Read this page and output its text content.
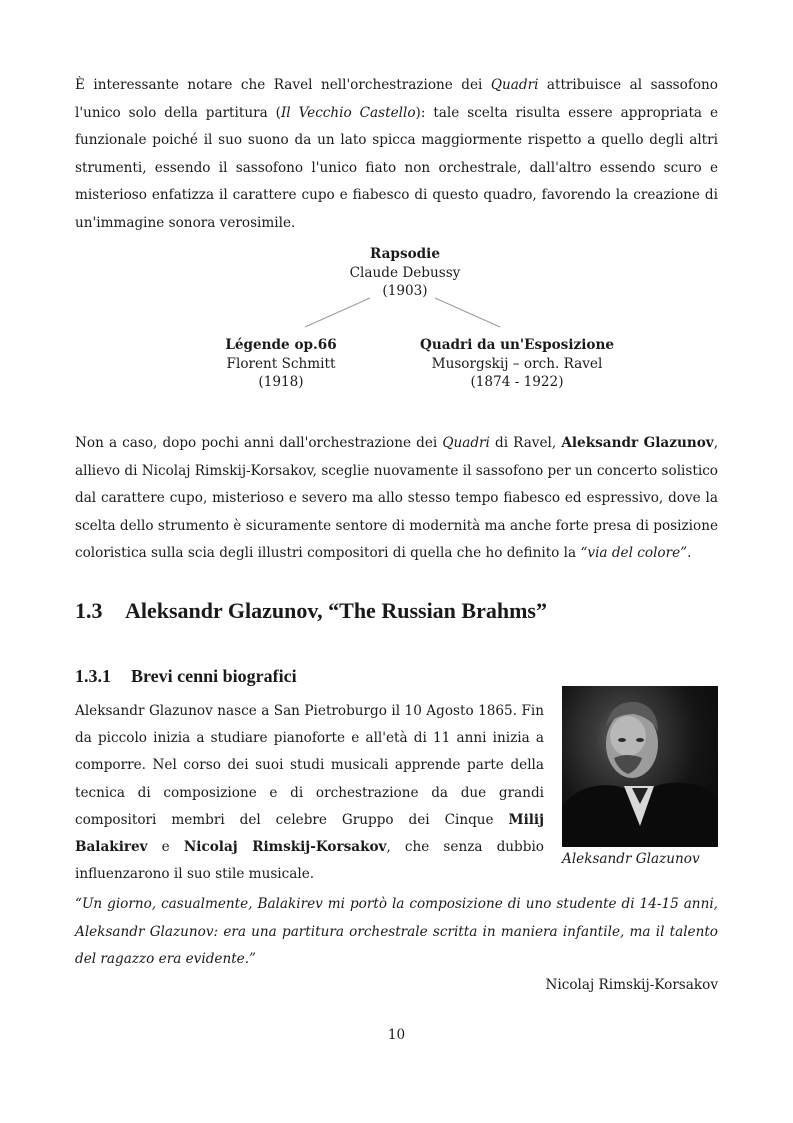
È interessante notare che Ravel nell'orchestrazione dei Quadri attribuisce al sassofono l'unico solo della partitura (Il Vecchio Castello): tale scelta risulta essere appropriata e funzionale poiché il suo suono da un lato spicca maggiormente rispetto a quello degli altri strumenti, essendo il sassofono l'unico fiato non orchestrale, dall'altro essendo scuro e misterioso enfatizza il carattere cupo e fiabesco di questo quadro, favorendo la creazione di un'immagine sonora verosimile.

Rapsodie
Claude Debussy
(1903)
Légende op.66
Florent Schmitt
(1918)
Quadri da un'Esposizione
Musorgskij – orch. Ravel
(1874 - 1922)

Non a caso, dopo pochi anni dall'orchestrazione dei Quadri di Ravel, Aleksandr Glazunov, allievo di Nicolaj Rimskij-Korsakov, sceglie nuovamente il sassofono per un concerto solistico dal carattere cupo, misterioso e severo ma allo stesso tempo fiabesco ed espressivo, dove la scelta dello strumento è sicuramente sentore di modernità ma anche forte presa di posizione coloristica sulla scia degli illustri compositori di quella che ho definito la “via del colore”.

1.3 Aleksandr Glazunov, “The Russian Brahms”
1.3.1 Brevi cenni biografici

Aleksandr Glazunov nasce a San Pietroburgo il 10 Agosto 1865. Fin da piccolo inizia a studiare pianoforte e all'età di 11 anni inizia a comporre. Nel corso dei suoi studi musicali apprende parte della tecnica di composizione e di orchestrazione da due grandi compositori membri del celebre Gruppo dei Cinque Milij Balakirev e Nicolaj Rimskij-Korsakov, che senza dubbio influenzarono il suo stile musicale.

Aleksandr Glazunov

“Un giorno, casualmente, Balakirev mi portò la composizione di uno studente di 14-15 anni, Aleksandr Glazunov: era una partitura orchestrale scritta in maniera infantile, ma il talento del ragazzo era evidente.”

Nicolaj Rimskij-Korsakov
10
